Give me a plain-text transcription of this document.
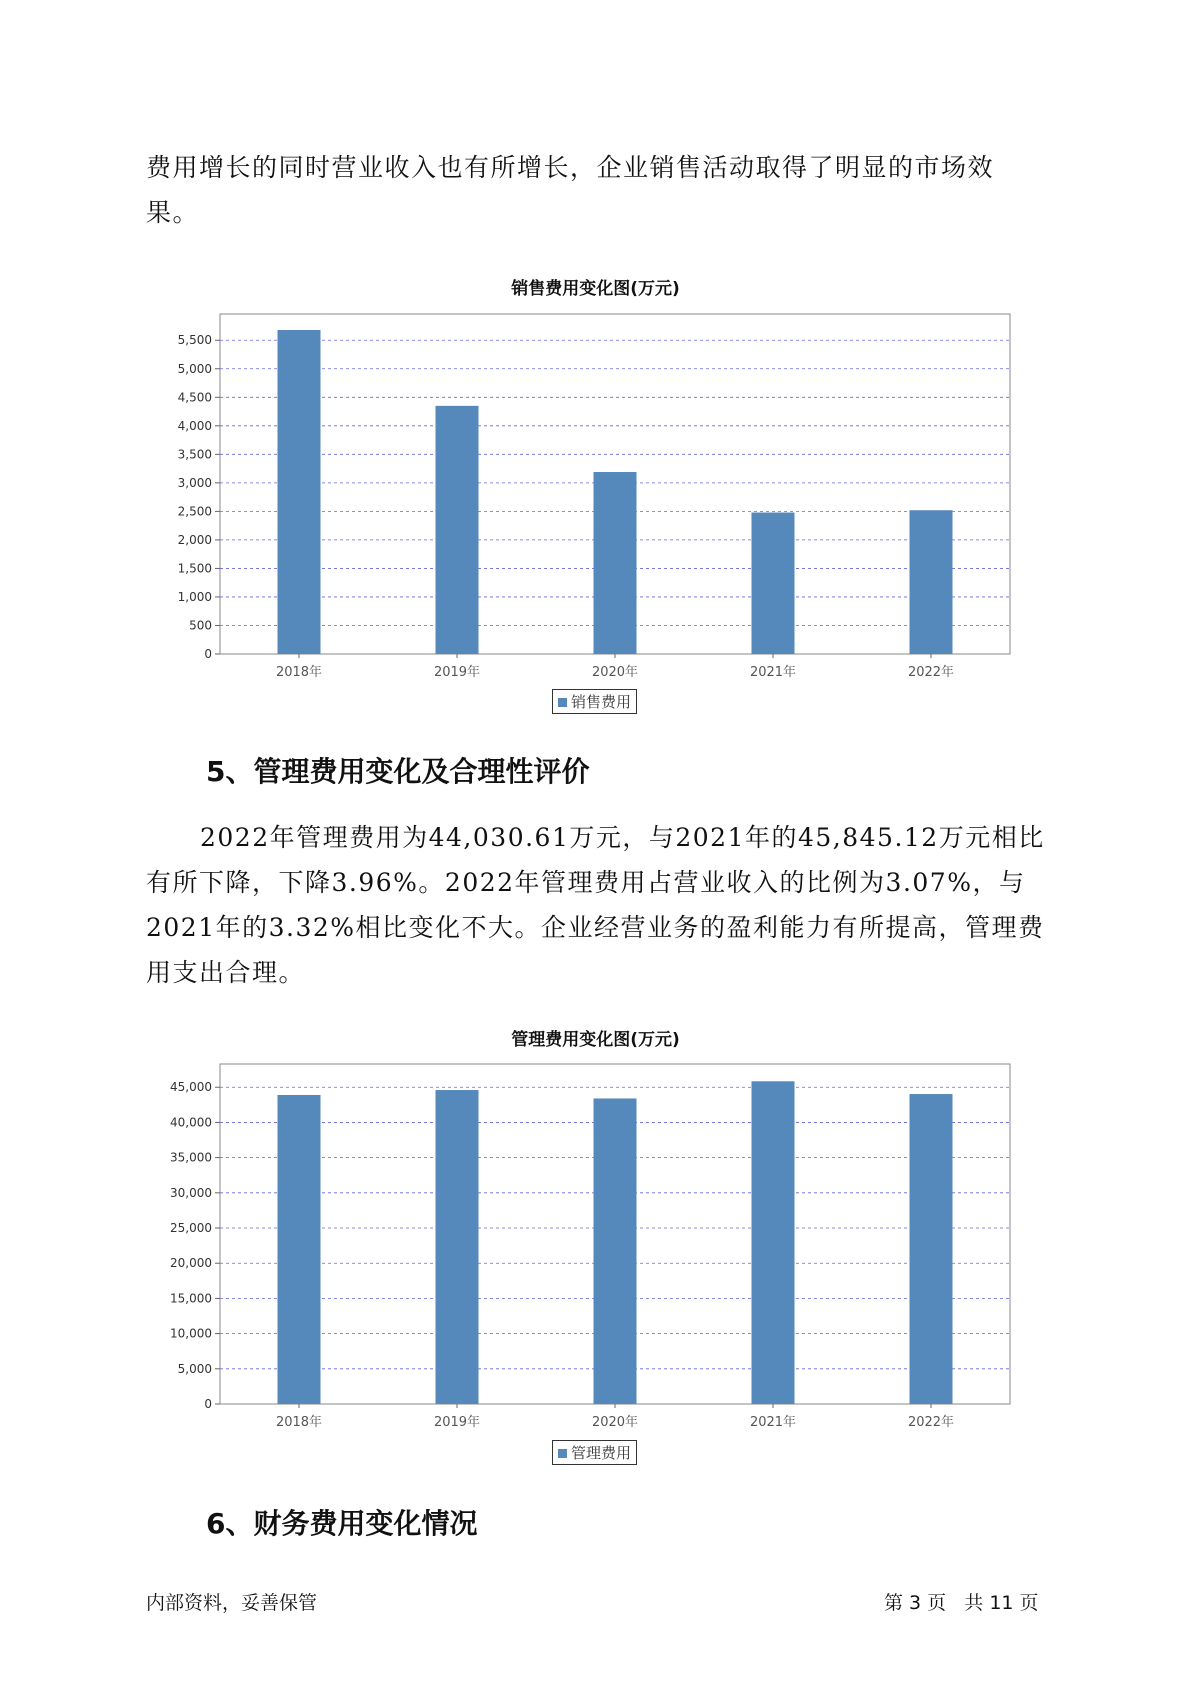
费用增长的同时营业收入也有所增长，企业销售活动取得了明显的市场效果。

销售费用变化图(万元)
0
500
1,000
1,500
2,000
2,500
3,000
3,500
4,000
4,500
5,000
5,500
2018年	2019年	2020年	2021年	2022年
销售费用
5、管理费用变化及合理性评价

2022年管理费用为44,030.61万元，与2021年的45,845.12万元相比有所下降，下降3.96%。2022年管理费用占营业收入的比例为3.07%，与2021年的3.32%相比变化不大。企业经营业务的盈利能力有所提高，管理费用支出合理。

管理费用变化图(万元)
0
5,000
10,000
15,000
20,000
25,000
30,000
35,000
40,000
45,000
2018年	2019年	2020年	2021年	2022年
管理费用
6、财务费用变化情况
内部资料，妥善保管	第 3 页   共 11 页
